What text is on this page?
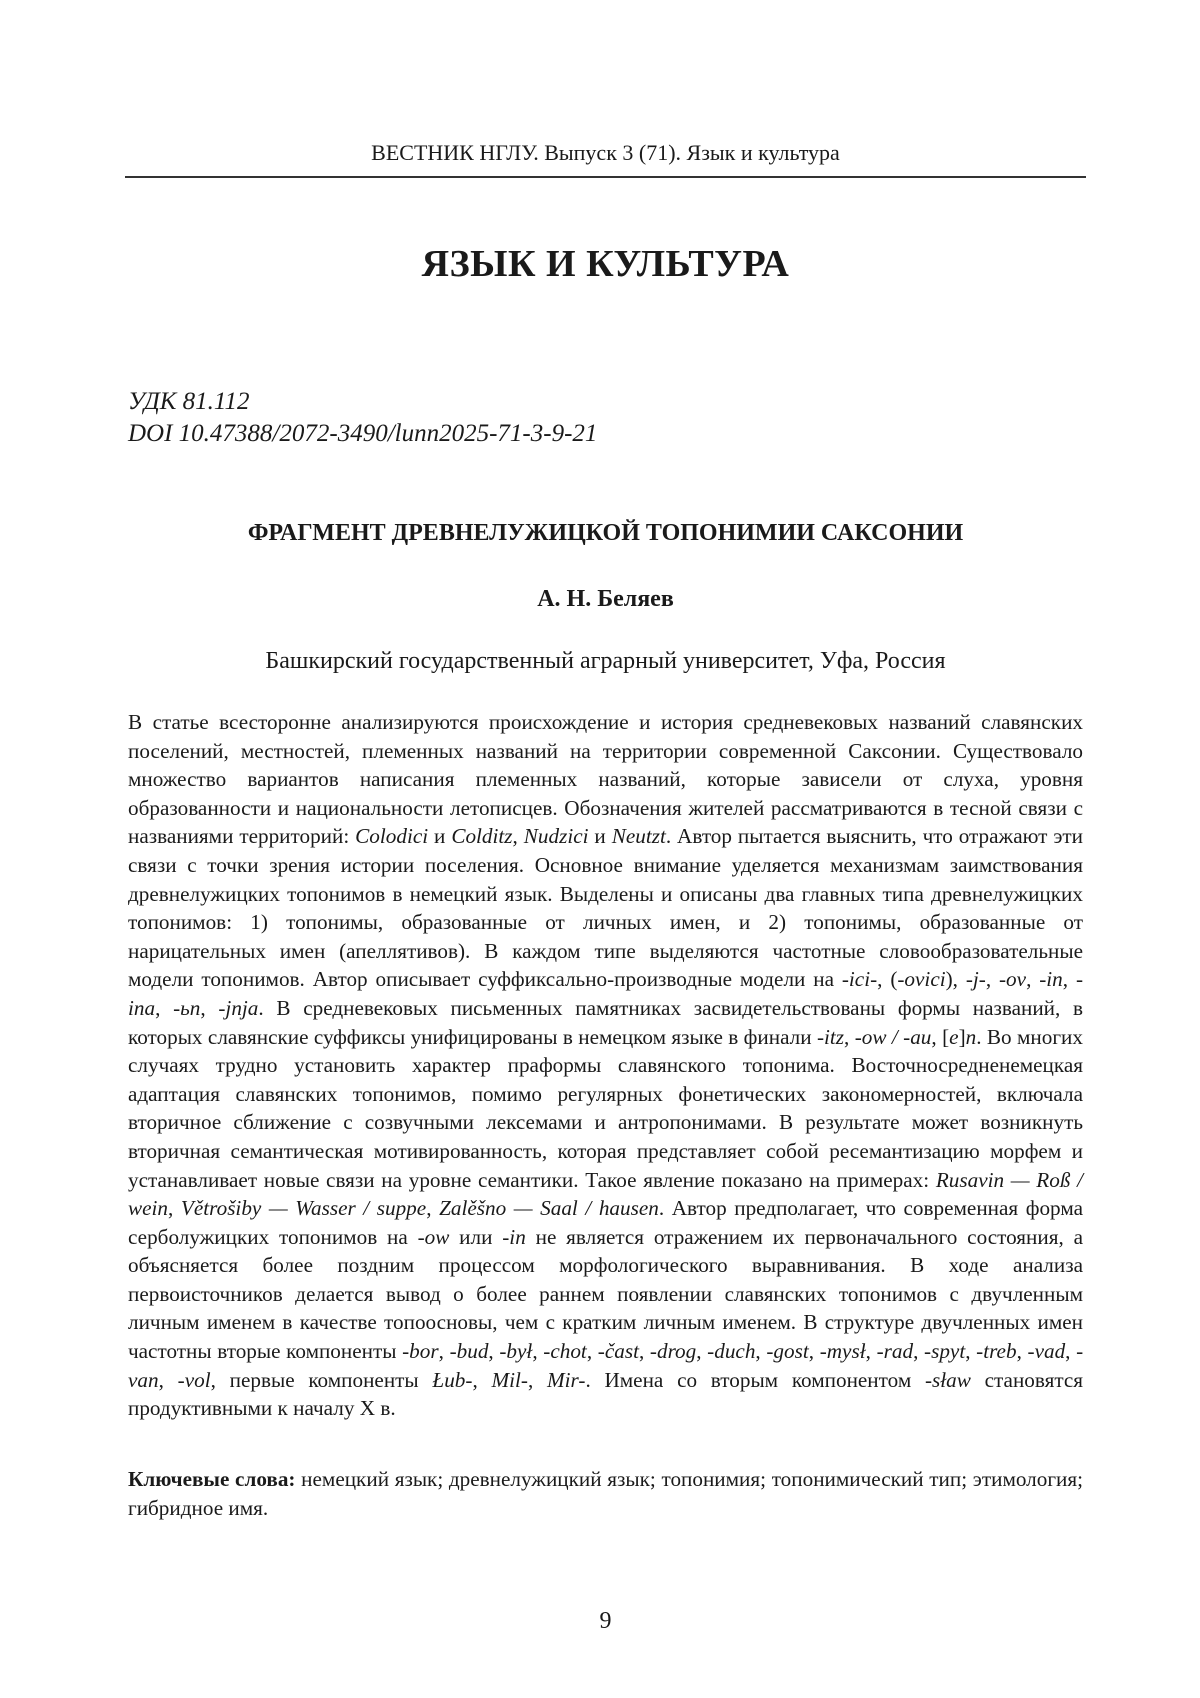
ВЕСТНИК НГЛУ. Выпуск 3 (71). Язык и культура
ЯЗЫК И КУЛЬТУРА
УДК 81.112
DOI 10.47388/2072-3490/lunn2025-71-3-9-21
ФРАГМЕНТ ДРЕВНЕЛУЖИЦКОЙ ТОПОНИМИИ САКСОНИИ
А. Н. Беляев
Башкирский государственный аграрный университет, Уфа, Россия
В статье всесторонне анализируются происхождение и история средневековых названий славянских поселений, местностей, племенных названий на территории современной Саксонии. Существовало множество вариантов написания племенных названий, которые зависели от слуха, уровня образованности и национальности летописцев. Обозначения жителей рассматриваются в тесной связи с названиями территорий: Colodici и Colditz, Nudzici и Neutzt. Автор пытается выяснить, что отражают эти связи с точки зрения истории поселения. Основное внимание уделяется механизмам заимствования древнелужицких топонимов в немецкий язык. Выделены и описаны два главных типа древнелужицких топонимов: 1) топонимы, образованные от личных имен, и 2) топонимы, образованные от нарицательных имен (апеллятивов). В каждом типе выделяются частотные словообразовательные модели топонимов. Автор описывает суффиксально-производные модели на -ici-, (-ovici), -j-, -ov, -in, -ina, -ьn, -jnja. В средневековых письменных памятниках засвидетельствованы формы названий, в которых славянские суффиксы унифицированы в немецком языке в финали -itz, -ow / -au, [e]n. Во многих случаях трудно установить характер праформы славянского топонима. Восточносредненемецкая адаптация славянских топонимов, помимо регулярных фонетических закономерностей, включала вторичное сближение с созвучными лексемами и антропонимами. В результате может возникнуть вторичная семантическая мотивированность, которая представляет собой ресемантизацию морфем и устанавливает новые связи на уровне семантики. Такое явление показано на примерах: Rusavin — Roß / wein, Větrošiby — Wasser / suppe, Zalěšno — Saal / hausen. Автор предполагает, что современная форма серболужицких топонимов на -ow или -in не является отражением их первоначального состояния, а объясняется более поздним процессом морфологического выравнивания. В ходе анализа первоисточников делается вывод о более раннем появлении славянских топонимов с двучленным личным именем в качестве топоосновы, чем с кратким личным именем. В структуре двучленных имен частотны вторые компоненты -bor, -bud, -był, -chot, -čast, -drog, -duch, -gost, -mysł, -rad, -spyt, -treb, -vad, -van, -vol, первые компоненты Łub-, Mil-, Mir-. Имена со вторым компонентом -sław становятся продуктивными к началу X в.
Ключевые слова: немецкий язык; древнелужицкий язык; топонимия; топонимический тип; этимология; гибридное имя.
9
